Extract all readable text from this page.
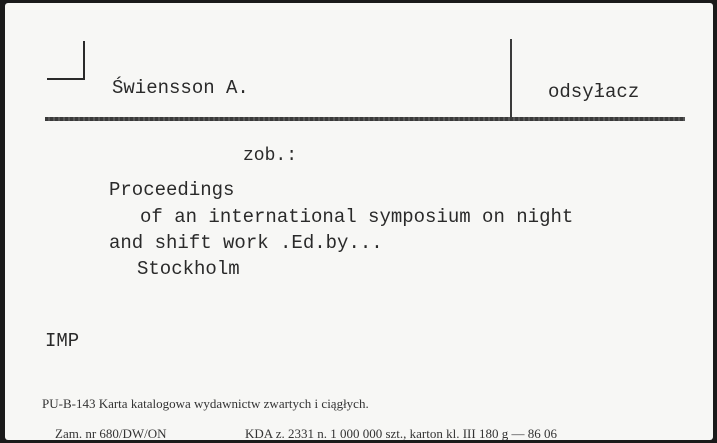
Świensson A.	odsyłacz
zob.:
Proceedings
of an international symposium on night
and shift work .Ed.by...
Stockholm
IMP
PU-B-143 Karta katalogowa wydawnictw zwartych i ciągłych.

Zam. nr 680/DW/ON	KDA z. 2331 n. 1 000 000 szt., karton kl. III 180 g — 86 06
